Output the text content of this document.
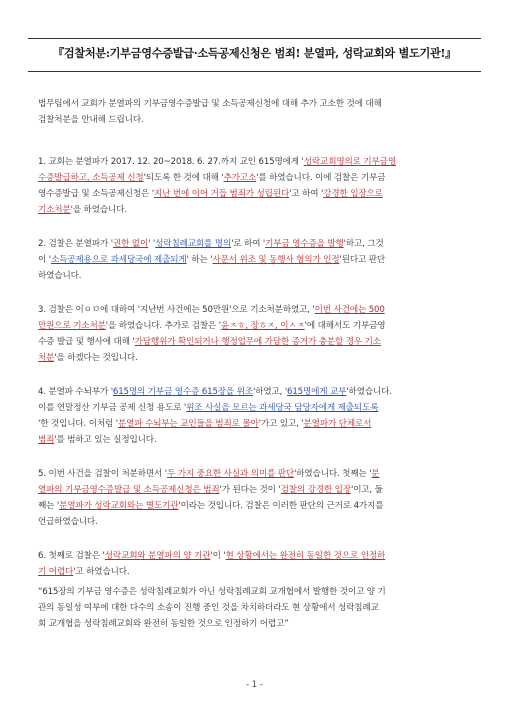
『검찰처분:기부금영수증발급·소득공제신청은 범죄! 분열파, 성락교회와 별도기관!』
법무팀에서 교회가 분열파의 기부금영수증발급 및 소득공제신청에 대해 추가 고소한 것에 대해
검찰처분을 안내해 드립니다.
1. 교회는 분열파가 2017. 12. 20~2018. 6. 27.까지 교인 615명에게 '성락교회명의로 기부금영
수증발급하고, 소득공제 신청'되도록 한 것에 대해 '추가고소'를 하였습니다. 이에 검찰은 기부금
영수증발급 및 소득공제신청은 '지난 번에 이어 거듭 범죄가 성립된다'고 하여 '강경한 입장으로
기소처분'을 하였습니다.
2. 검찰은 분열파가 '권한 없이' '성락침례교회를 명의'로 하여 '기부금 영수증을 발행'하고, 그것
이 '소득공제용으로 과세당국에 제출되게' 하는 '사문서 위조 및 동행사 혐의가 인정'된다고 판단
하였습니다.
3. 검찰은 이ㅇㅁ에 대하여 '지난번 사건에는 50만원'으로 기소처분하였고, '이번 사건에는 500
만원으로 기소처분'을 하였습니다. 추가로 검찰은 '윤ㅈㅎ, 장ㅎㅈ, 이ㅅㅈ'에 대해서도 기부금영
수증 발급 및 행사에 대해 '가담행위가 확인되거나 행정업무에 가담한 증거가 충분할 경우 기소
처분'을 하겠다는 것입니다.
4. 분열파 수뇌부가 '615명의 기부금 영수증 615장을 위조'하였고, '615명에게 교부'하였습니다.
이를 연말정산 기부금 공제 신청 용도로 '위조 사실을 모르는 과세당국 담당자에게 제출되도록
'한 것입니다. 이처럼 '분열파 수뇌부는 교인들을 범죄로 몰아'가고 있고, '분열파가 단체로서
범죄'를 범하고 있는 실정입니다.
5. 이번 사건을 검찰이 처분하면서 '두 가지 중요한 사실과 의미를 판단'하였습니다. 첫째는 '분
열파의 기부금영수증발급 및 소득공제신청은 범죄'가 된다는 것이 '검찰의 강경한 입장'이고, 둘
째는 '분열파가 성락교회와는 별도기관'이라는 것입니다. 검찰은 이러한 판단의 근거로 4가지를
언급하였습니다.
6. 첫째로 검찰은 '성락교회와 분열파의 양 기관'이 '현 상황에서는 완전히 동일한 것으로 인정하
기 어렵다'고 하였습니다.
“615장의 기부금 영수증은 성락침례교회가 아닌 성락침례교회 교개협에서 발행한 것이고 양 기
관의 동일성 여부에 대한 다수의 소송이 진행 중인 것을 차치하더라도 현 상황에서 성락침례교
회 교개협을 성락침례교회와 완전히 동일한 것으로 인정하기 어렵고”
- 1 -
